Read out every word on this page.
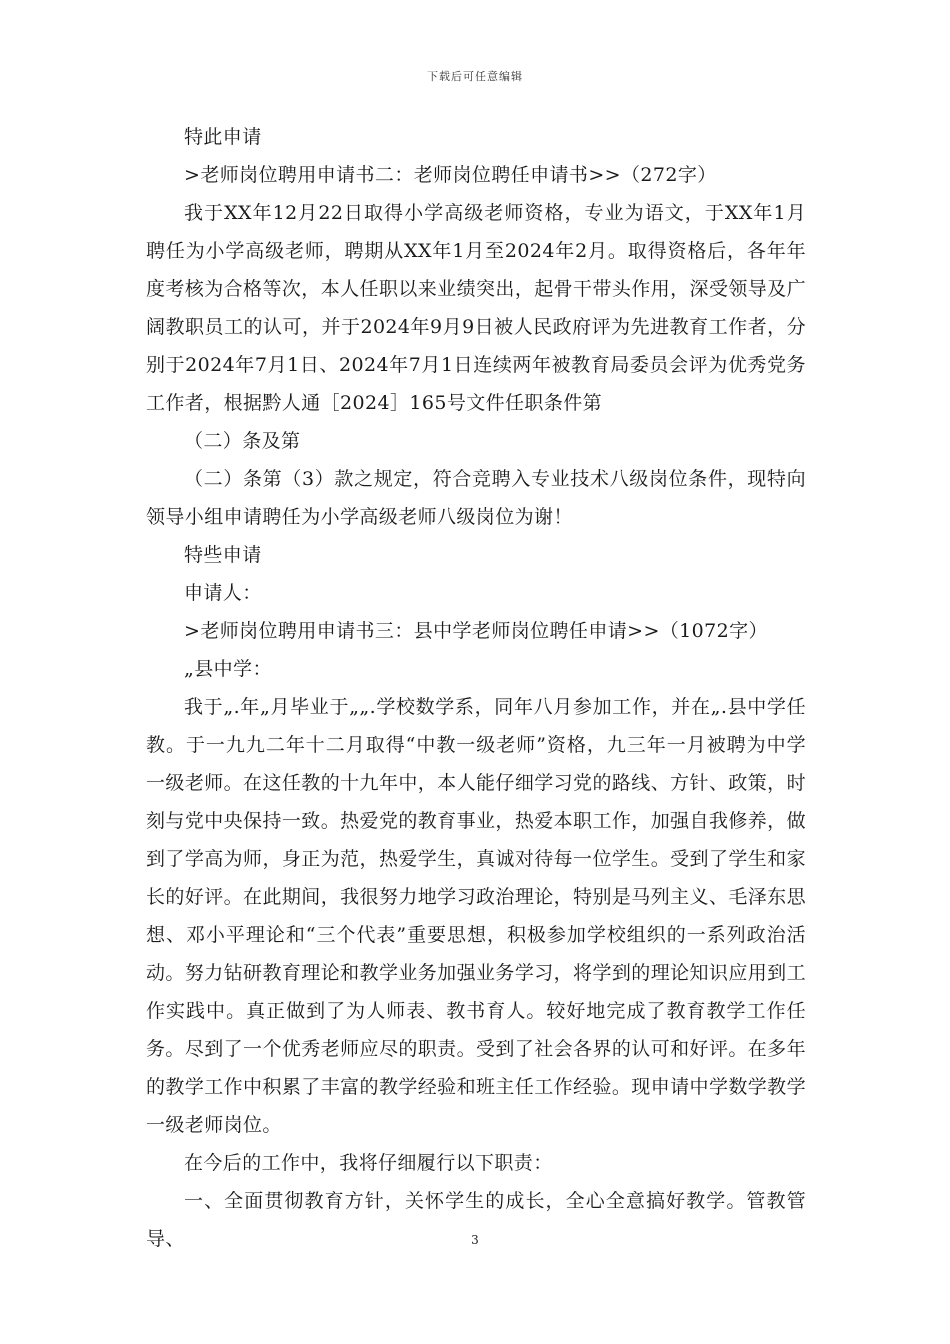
下载后可任意编辑

特此申请

>老师岗位聘用申请书二：老师岗位聘任申请书>>（272字）

我于XX年12月22日取得小学高级老师资格，专业为语文，于XX年1月聘任为小学高级老师，聘期从XX年1月至2024年2月。取得资格后，各年年度考核为合格等次，本人任职以来业绩突出，起骨干带头作用，深受领导及广阔教职员工的认可，并于2024年9月9日被人民政府评为先进教育工作者，分别于2024年7月1日、2024年7月1日连续两年被教育局委员会评为优秀党务工作者，根据黔人通［2024］165号文件任职条件第

（二）条及第

（二）条第（3）款之规定，符合竞聘入专业技术八级岗位条件，现特向领导小组申请聘任为小学高级老师八级岗位为谢！

特些申请

申请人：

>老师岗位聘用申请书三：县中学老师岗位聘任申请>>（1072字）

„县中学：

我于„.年„月毕业于„„.学校数学系，同年八月参加工作，并在„.县中学任教。于一九九二年十二月取得“中教一级老师”资格，九三年一月被聘为中学一级老师。在这任教的十九年中，本人能仔细学习党的路线、方针、政策，时刻与党中央保持一致。热爱党的教育事业，热爱本职工作，加强自我修养，做到了学高为师，身正为范，热爱学生，真诚对待每一位学生。受到了学生和家长的好评。在此期间，我很努力地学习政治理论，特别是马列主义、毛泽东思想、邓小平理论和“三个代表”重要思想，积极参加学校组织的一系列政治活动。努力钻研教育理论和教学业务加强业务学习，将学到的理论知识应用到工作实践中。真正做到了为人师表、教书育人。较好地完成了教育教学工作任务。尽到了一个优秀老师应尽的职责。受到了社会各界的认可和好评。在多年的教学工作中积累了丰富的教学经验和班主任工作经验。现申请中学数学教学一级老师岗位。

在今后的工作中，我将仔细履行以下职责：

一、全面贯彻教育方针，关怀学生的成长，全心全意搞好教学。管教管导、	3
